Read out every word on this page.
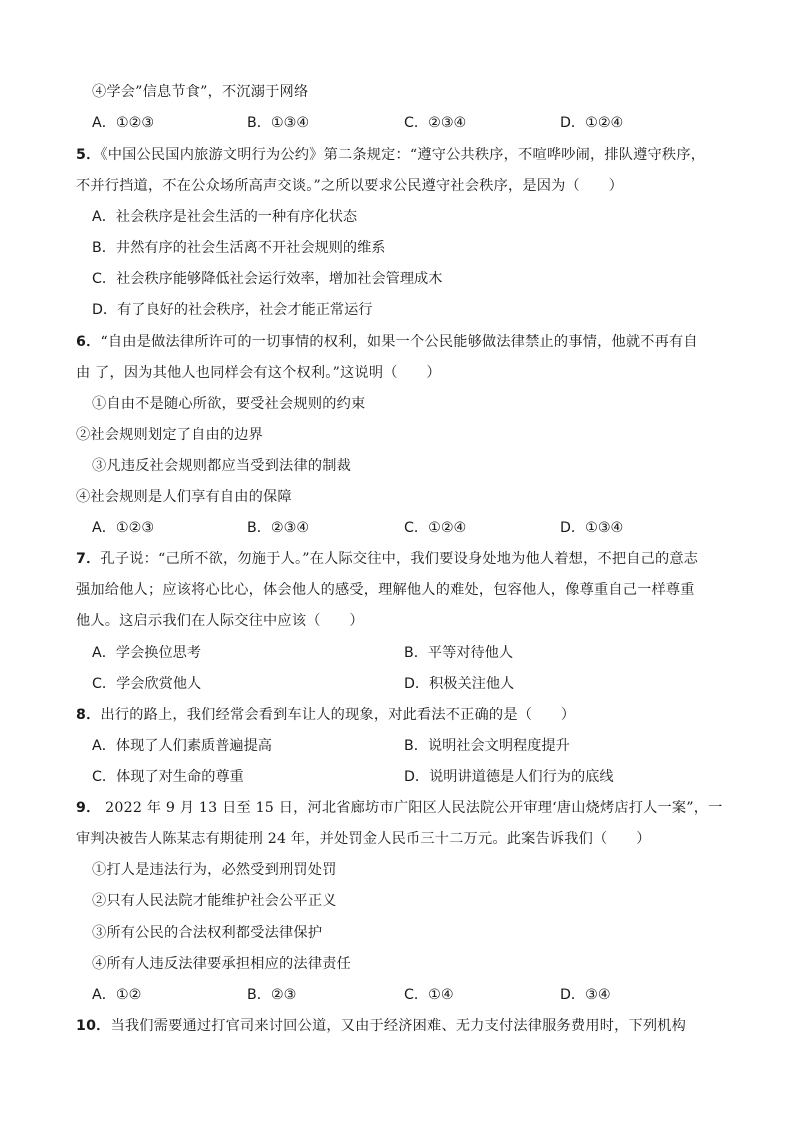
④学会”信息节食”，不沉溺于网络
A．①②③	B．①③④	C．②③④	D．①②④
5．《中国公民国内旅游文明行为公约》第二条规定：“遵守公共秩序，不喧哗吵闹，排队遵守秩序，
不并行挡道，不在公众场所高声交谈。”之所以要求公民遵守社会秩序，是因为（　　）
A．社会秩序是社会生活的一种有序化状态
B．井然有序的社会生活离不开社会规则的维系
C．社会秩序能够降低社会运行效率，增加社会管理成木
D．有了良好的社会秩序，社会才能正常运行
6．“自由是做法律所许可的一切事情的权利，如果一个公民能够做法律禁止的事情，他就不再有自
由 了，因为其他人也同样会有这个权利。”这说明（　　）
①自由不是随心所欲，要受社会规则的约束
②社会规则划定了自由的边界
③凡违反社会规则都应当受到法律的制裁
④社会规则是人们享有自由的保障
A．①②③	B．②③④	C．①②④	D．①③④
7．孔子说：“己所不欲，勿施于人。”在人际交往中，我们要设身处地为他人着想，不把自己的意志
强加给他人；应该将心比心，体会他人的感受，理解他人的难处，包容他人，像尊重自己一样尊重
他人。这启示我们在人际交往中应该（　　）
A．学会换位思考	B．平等对待他人
C．学会欣赏他人	D．积极关注他人
8．出行的路上，我们经常会看到车让人的现象，对此看法不正确的是（　　）
A．体现了人们素质普遍提高	B．说明社会文明程度提升
C．体现了对生命的尊重	D．说明讲道德是人们行为的底线
9． 2022 年 9 月 13 日至 15 日，河北省廊坊市广阳区人民法院公开审理‘唐山烧烤店打人一案”，一
审判决被告人陈某志有期徒刑 24 年，并处罚金人民币三十二万元。此案告诉我们（　　）
①打人是违法行为，必然受到刑罚处罚
②只有人民法院才能维护社会公平正义
③所有公民的合法权利都受法律保护
④所有人违反法律要承担相应的法律责任
A．①②	B．②③	C．①④	D．③④
10．当我们需要通过打官司来讨回公道，又由于经济困难、无力支付法律服务费用时，下列机构
